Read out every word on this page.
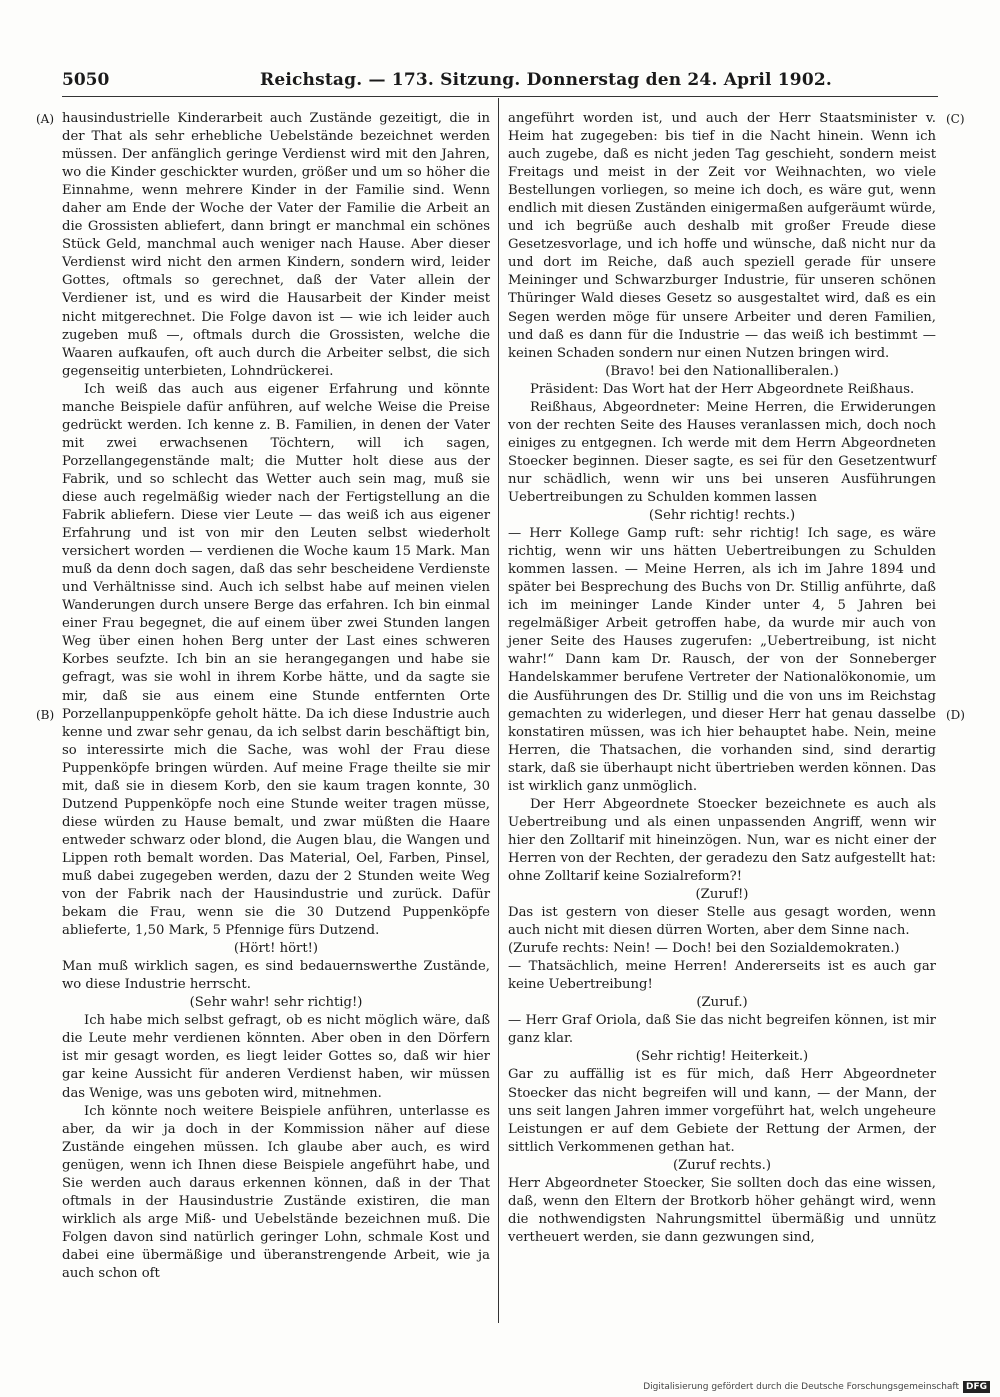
5050	Reichstag. — 173. Sitzung. Donnerstag den 24. April 1902.
(A)
(B)
(C)
(D)

hausindustrielle Kinderarbeit auch Zustände gezeitigt, die in der That als sehr erhebliche Uebelstände bezeichnet werden müssen. Der anfänglich geringe Verdienst wird mit den Jahren, wo die Kinder geschickter wurden, größer und um so höher die Einnahme, wenn mehrere Kinder in der Familie sind. Wenn daher am Ende der Woche der Vater der Familie die Arbeit an die Grossisten abliefert, dann bringt er manchmal ein schönes Stück Geld, manchmal auch weniger nach Hause. Aber dieser Verdienst wird nicht den armen Kindern, sondern wird, leider Gottes, oftmals so gerechnet, daß der Vater allein der Verdiener ist, und es wird die Hausarbeit der Kinder meist nicht mitgerechnet. Die Folge davon ist — wie ich leider auch zugeben muß —, oftmals durch die Grossisten, welche die Waaren aufkaufen, oft auch durch die Arbeiter selbst, die sich gegenseitig unterbieten, Lohndrückerei.

Ich weiß das auch aus eigener Erfahrung und könnte manche Beispiele dafür anführen, auf welche Weise die Preise gedrückt werden. Ich kenne z. B. Familien, in denen der Vater mit zwei erwachsenen Töchtern, will ich sagen, Porzellangegenstände malt; die Mutter holt diese aus der Fabrik, und so schlecht das Wetter auch sein mag, muß sie diese auch regelmäßig wieder nach der Fertigstellung an die Fabrik abliefern. Diese vier Leute — das weiß ich aus eigener Erfahrung und ist von mir den Leuten selbst wiederholt versichert worden — verdienen die Woche kaum 15 Mark. Man muß da denn doch sagen, daß das sehr bescheidene Verdienste und Verhältnisse sind. Auch ich selbst habe auf meinen vielen Wanderungen durch unsere Berge das erfahren. Ich bin einmal einer Frau begegnet, die auf einem über zwei Stunden langen Weg über einen hohen Berg unter der Last eines schweren Korbes seufzte. Ich bin an sie herangegangen und habe sie gefragt, was sie wohl in ihrem Korbe hätte, und da sagte sie mir, daß sie aus einem eine Stunde entfernten Orte Porzellanpuppenköpfe geholt hätte. Da ich diese Industrie auch kenne und zwar sehr genau, da ich selbst darin beschäftigt bin, so interessirte mich die Sache, was wohl der Frau diese Puppenköpfe bringen würden. Auf meine Frage theilte sie mir mit, daß sie in diesem Korb, den sie kaum tragen konnte, 30 Dutzend Puppenköpfe noch eine Stunde weiter tragen müsse, diese würden zu Hause bemalt, und zwar müßten die Haare entweder schwarz oder blond, die Augen blau, die Wangen und Lippen roth bemalt worden. Das Material, Oel, Farben, Pinsel, muß dabei zugegeben werden, dazu der 2 Stunden weite Weg von der Fabrik nach der Hausindustrie und zurück. Dafür bekam die Frau, wenn sie die 30 Dutzend Puppenköpfe ablieferte, 1,50 Mark, 5 Pfennige fürs Dutzend.

(Hört! hört!)

Man muß wirklich sagen, es sind bedauernswerthe Zustände, wo diese Industrie herrscht.

(Sehr wahr! sehr richtig!)

Ich habe mich selbst gefragt, ob es nicht möglich wäre, daß die Leute mehr verdienen könnten. Aber oben in den Dörfern ist mir gesagt worden, es liegt leider Gottes so, daß wir hier gar keine Aussicht für anderen Verdienst haben, wir müssen das Wenige, was uns geboten wird, mitnehmen.

Ich könnte noch weitere Beispiele anführen, unterlasse es aber, da wir ja doch in der Kommission näher auf diese Zustände eingehen müssen. Ich glaube aber auch, es wird genügen, wenn ich Ihnen diese Beispiele angeführt habe, und Sie werden auch daraus erkennen können, daß in der That oftmals in der Hausindustrie Zustände existiren, die man wirklich als arge Miß- und Uebelstände bezeichnen muß. Die Folgen davon sind natürlich geringer Lohn, schmale Kost und dabei eine übermäßige und überanstrengende Arbeit, wie ja auch schon oft

angeführt worden ist, und auch der Herr Staatsminister v. Heim hat zugegeben: bis tief in die Nacht hinein. Wenn ich auch zugebe, daß es nicht jeden Tag geschieht, sondern meist Freitags und meist in der Zeit vor Weihnachten, wo viele Bestellungen vorliegen, so meine ich doch, es wäre gut, wenn endlich mit diesen Zuständen einigermaßen aufgeräumt würde, und ich begrüße auch deshalb mit großer Freude diese Gesetzesvorlage, und ich hoffe und wünsche, daß nicht nur da und dort im Reiche, daß auch speziell gerade für unsere Meininger und Schwarzburger Industrie, für unseren schönen Thüringer Wald dieses Gesetz so ausgestaltet wird, daß es ein Segen werden möge für unsere Arbeiter und deren Familien, und daß es dann für die Industrie — das weiß ich bestimmt — keinen Schaden sondern nur einen Nutzen bringen wird.

(Bravo! bei den Nationalliberalen.)

Präsident: Das Wort hat der Herr Abgeordnete Reißhaus.

Reißhaus, Abgeordneter: Meine Herren, die Erwiderungen von der rechten Seite des Hauses veranlassen mich, doch noch einiges zu entgegnen. Ich werde mit dem Herrn Abgeordneten Stoecker beginnen. Dieser sagte, es sei für den Gesetzentwurf nur schädlich, wenn wir uns bei unseren Ausführungen Uebertreibungen zu Schulden kommen lassen

(Sehr richtig! rechts.)

— Herr Kollege Gamp ruft: sehr richtig! Ich sage, es wäre richtig, wenn wir uns hätten Uebertreibungen zu Schulden kommen lassen. — Meine Herren, als ich im Jahre 1894 und später bei Besprechung des Buchs von Dr. Stillig anführte, daß ich im meininger Lande Kinder unter 4, 5 Jahren bei regelmäßiger Arbeit getroffen habe, da wurde mir auch von jener Seite des Hauses zugerufen: „Uebertreibung, ist nicht wahr!“ Dann kam Dr. Rausch, der von der Sonneberger Handelskammer berufene Vertreter der Nationalökonomie, um die Ausführungen des Dr. Stillig und die von uns im Reichstag gemachten zu widerlegen, und dieser Herr hat genau dasselbe konstatiren müssen, was ich hier behauptet habe. Nein, meine Herren, die Thatsachen, die vorhanden sind, sind derartig stark, daß sie überhaupt nicht übertrieben werden können. Das ist wirklich ganz unmöglich.

Der Herr Abgeordnete Stoecker bezeichnete es auch als Uebertreibung und als einen unpassenden Angriff, wenn wir hier den Zolltarif mit hineinzögen. Nun, war es nicht einer der Herren von der Rechten, der geradezu den Satz aufgestellt hat: ohne Zolltarif keine Sozialreform?!

(Zuruf!)

Das ist gestern von dieser Stelle aus gesagt worden, wenn auch nicht mit diesen dürren Worten, aber dem Sinne nach.

(Zurufe rechts: Nein! — Doch! bei den Sozialdemokraten.)

— Thatsächlich, meine Herren! Andererseits ist es auch gar keine Uebertreibung!

(Zuruf.)

— Herr Graf Oriola, daß Sie das nicht begreifen können, ist mir ganz klar.

(Sehr richtig! Heiterkeit.)

Gar zu auffällig ist es für mich, daß Herr Abgeordneter Stoecker das nicht begreifen will und kann, — der Mann, der uns seit langen Jahren immer vorgeführt hat, welch ungeheure Leistungen er auf dem Gebiete der Rettung der Armen, der sittlich Verkommenen gethan hat.

(Zuruf rechts.)

Herr Abgeordneter Stoecker, Sie sollten doch das eine wissen, daß, wenn den Eltern der Brotkorb höher gehängt wird, wenn die nothwendigsten Nahrungsmittel übermäßig und unnütz vertheuert werden, sie dann gezwungen sind,

Digitalisierung gefördert durch die Deutsche Forschungsgemeinschaft DFG
